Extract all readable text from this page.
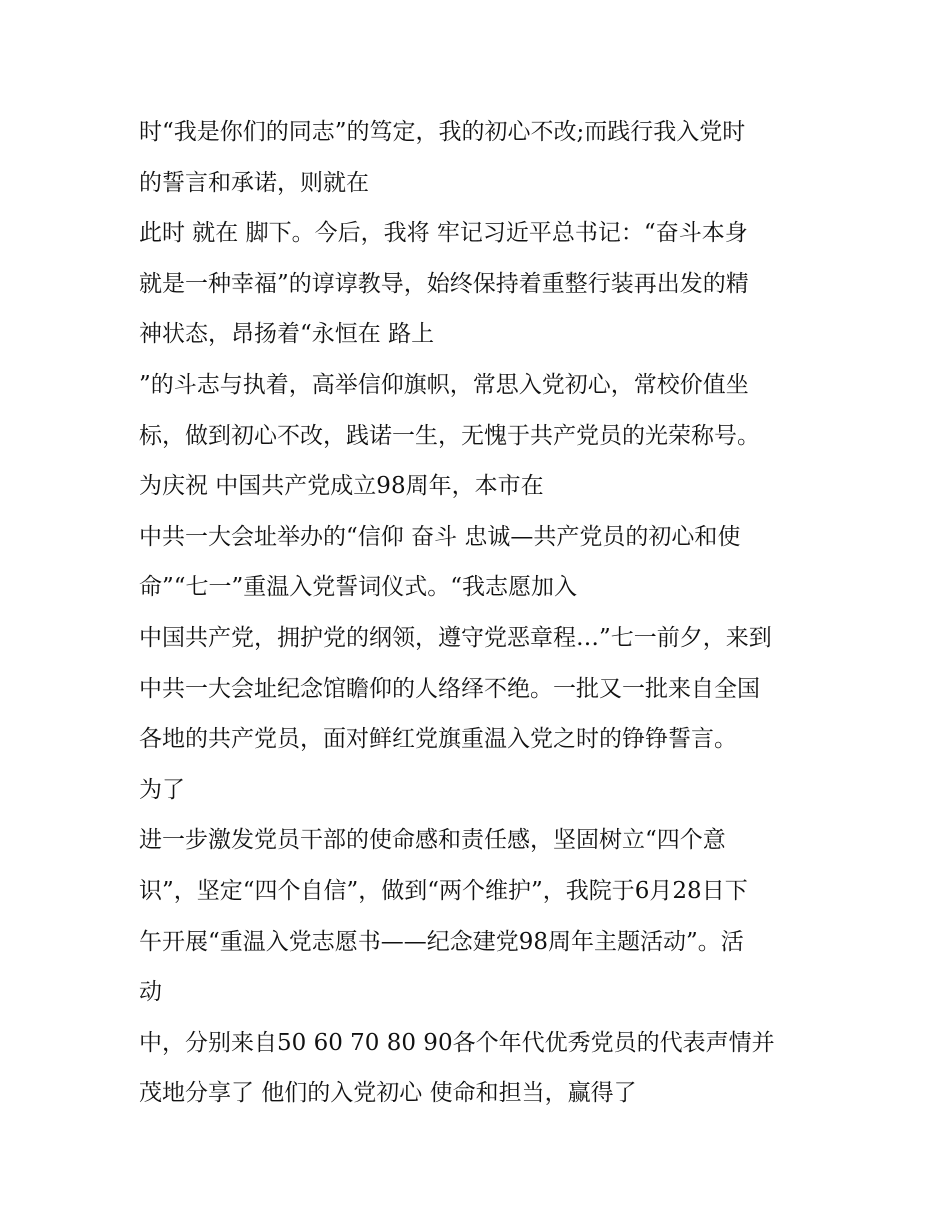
时“我是你们的同志”的笃定，我的初心不改;而践行我入党时
的誓言和承诺，则就在
此时 就在 脚下。今后，我将 牢记习近平总书记：“奋斗本身
就是一种幸福”的谆谆教导，始终保持着重整行装再出发的精
神状态，昂扬着“永恒在 路上
”的斗志与执着，高举信仰旗帜，常思入党初心，常校价值坐
标，做到初心不改，践诺一生，无愧于共产党员的光荣称号。
为庆祝 中国共产党成立98周年，本市在
中共一大会址举办的“信仰 奋斗 忠诚—共产党员的初心和使
命”“七一”重温入党誓词仪式。“我志愿加入
中国共产党，拥护党的纲领，遵守党恶章程…”七一前夕，来到
中共一大会址纪念馆瞻仰的人络绎不绝。一批又一批来自全国
各地的共产党员，面对鲜红党旗重温入党之时的铮铮誓言。
为了
进一步激发党员干部的使命感和责任感，坚固树立“四个意
识”，坚定“四个自信”，做到“两个维护”，我院于6月28日下
午开展“重温入党志愿书——纪念建党98周年主题活动”。活
动
中，分别来自50 60 70 80 90各个年代优秀党员的代表声情并
茂地分享了 他们的入党初心 使命和担当，赢得了
